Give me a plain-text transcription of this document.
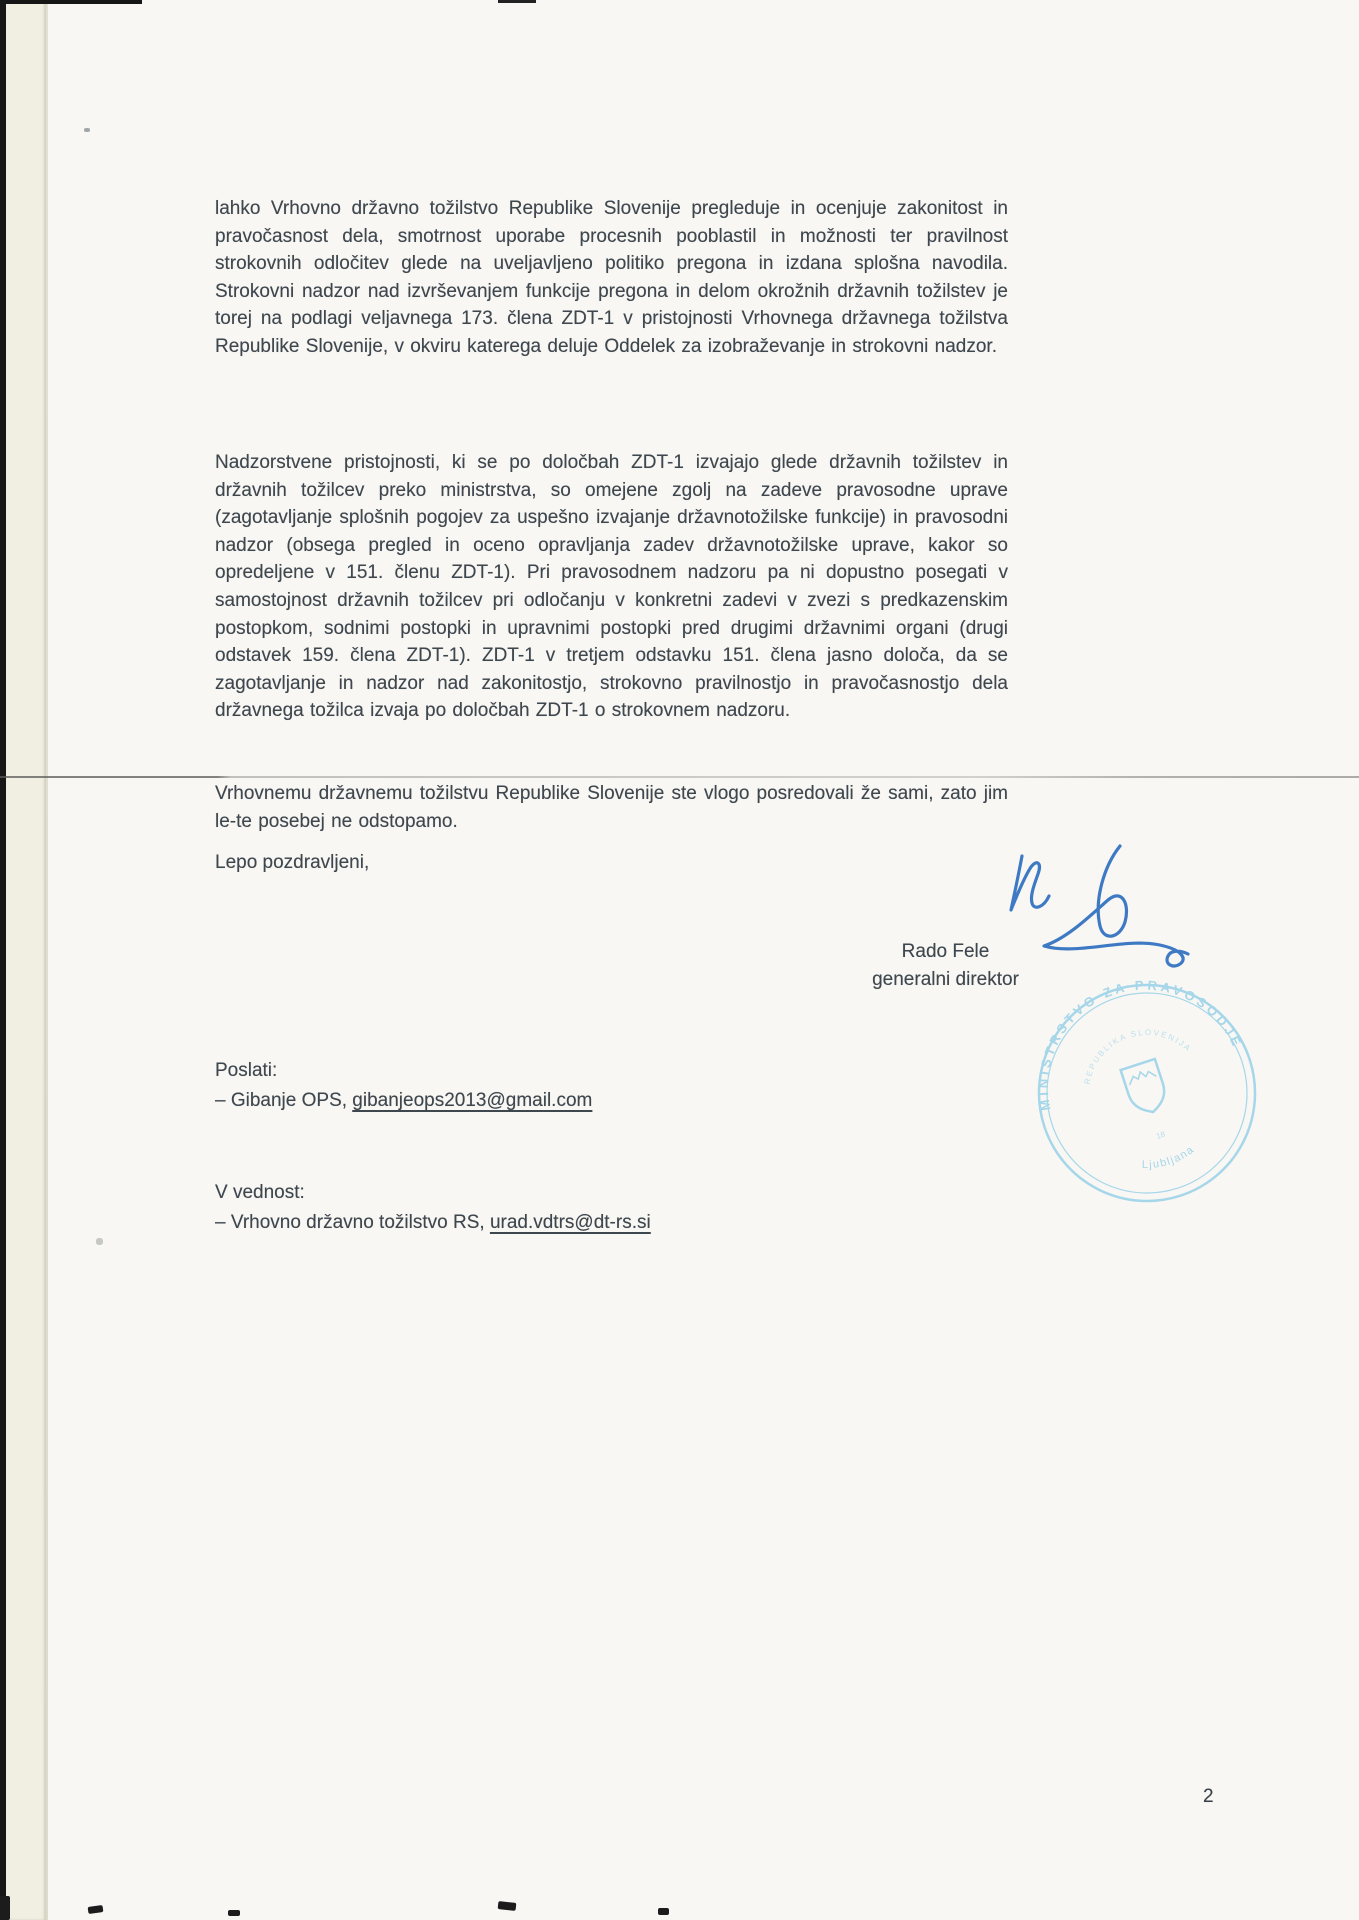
lahko Vrhovno državno tožilstvo Republike Slovenije pregleduje in ocenjuje zakonitost in pravočasnost dela, smotrnost uporabe procesnih pooblastil in možnosti ter pravilnost strokovnih odločitev glede na uveljavljeno politiko pregona in izdana splošna navodila. Strokovni nadzor nad izvrševanjem funkcije pregona in delom okrožnih državnih tožilstev je torej na podlagi veljavnega 173. člena ZDT-1 v pristojnosti Vrhovnega državnega tožilstva Republike Slovenije, v okviru katerega deluje Oddelek za izobraževanje in strokovni nadzor.

Nadzorstvene pristojnosti, ki se po določbah ZDT-1 izvajajo glede državnih tožilstev in državnih tožilcev preko ministrstva, so omejene zgolj na zadeve pravosodne uprave (zagotavljanje splošnih pogojev za uspešno izvajanje državnotožilske funkcije) in pravosodni nadzor (obsega pregled in oceno opravljanja zadev državnotožilske uprave, kakor so opredeljene v 151. členu ZDT-1). Pri pravosodnem nadzoru pa ni dopustno posegati v samostojnost državnih tožilcev pri odločanju v konkretni zadevi v zvezi s predkazenskim postopkom, sodnimi postopki in upravnimi postopki pred drugimi državnimi organi (drugi odstavek 159. člena ZDT-1). ZDT-1 v tretjem odstavku 151. člena jasno določa, da se zagotavljanje in nadzor nad zakonitostjo, strokovno pravilnostjo in pravočasnostjo dela državnega tožilca izvaja po določbah ZDT-1 o strokovnem nadzoru.

Vrhovnemu državnemu tožilstvu Republike Slovenije ste vlogo posredovali že sami, zato jim le-te posebej ne odstopamo.

Lepo pozdravljeni,
Rado Fele
generalni direktor
MINISTRSTVO ZA PRAVOSODJE
REPUBLIKA SLOVENIJA
18
Ljubljana
Poslati:
– Gibanje OPS, gibanjeops2013@gmail.com
V vednost:
– Vrhovno državno tožilstvo RS, urad.vdtrs@dt-rs.si
2
